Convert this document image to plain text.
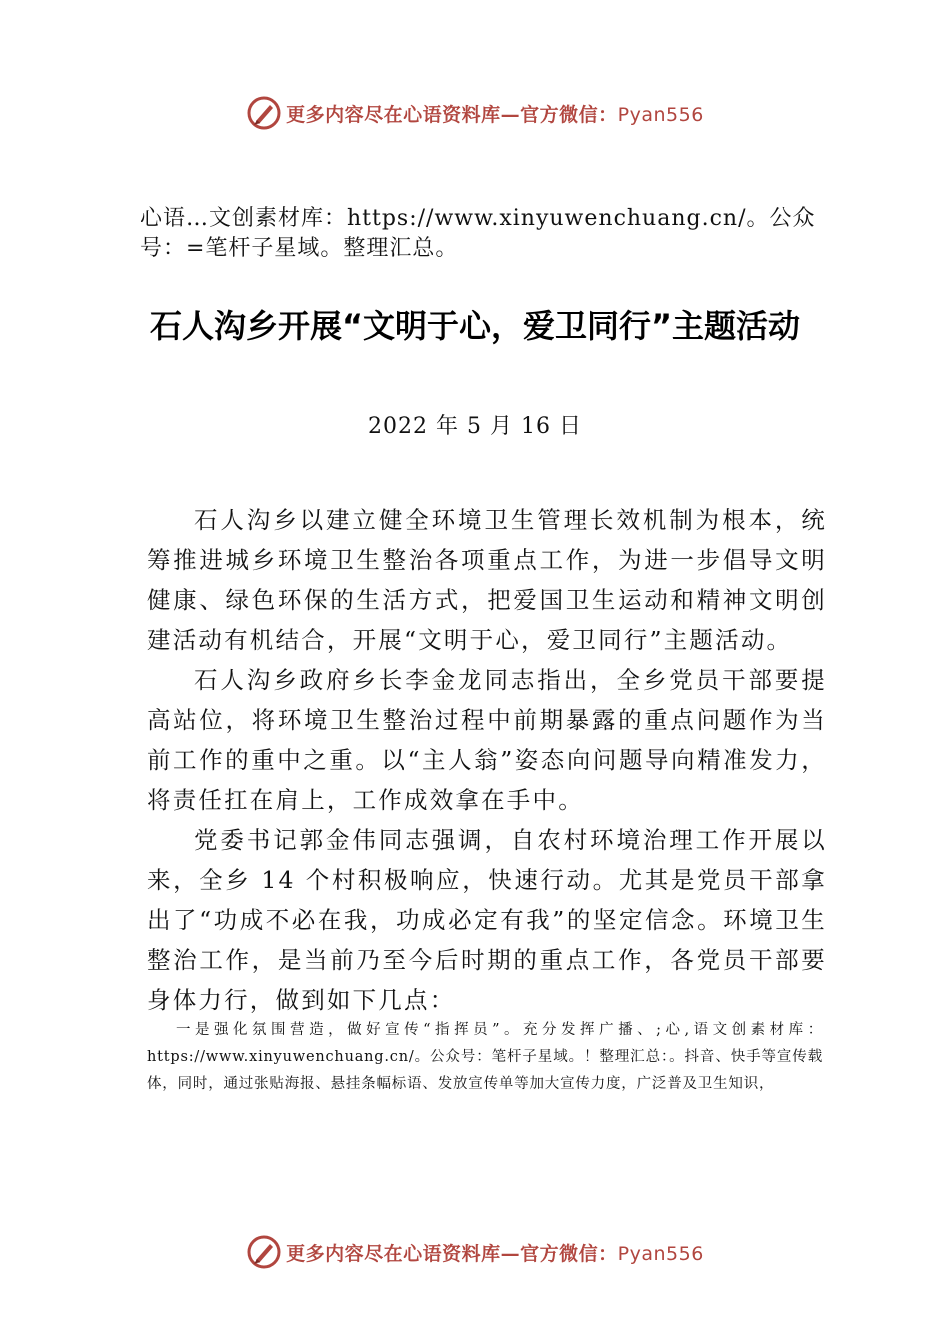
更多内容尽在心语资料库—官方微信：Pyan556
心语…文创素材库：https://www.xinyuwenchuang.cn/。公众号：=笔杆子星域。整理汇总。
石人沟乡开展“文明于心，爱卫同行”主题活动
2022 年 5 月 16 日

石人沟乡以建立健全环境卫生管理长效机制为根本，统筹推进城乡环境卫生整治各项重点工作，为进一步倡导文明健康、绿色环保的生活方式，把爱国卫生运动和精神文明创建活动有机结合，开展“文明于心，爱卫同行”主题活动。

石人沟乡政府乡长李金龙同志指出，全乡党员干部要提高站位，将环境卫生整治过程中前期暴露的重点问题作为当前工作的重中之重。以“主人翁”姿态向问题导向精准发力，将责任扛在肩上，工作成效拿在手中。

党委书记郭金伟同志强调，自农村环境治理工作开展以来，全乡 14 个村积极响应，快速行动。尤其是党员干部拿出了“功成不必在我，功成必定有我”的坚定信念。环境卫生整治工作，是当前乃至今后时期的重点工作，各党员干部要身体力行，做到如下几点：

一是强化氛围营造，做好宣传“指挥员”。充分发挥广播、;心,语文创素材库：https://www.xinyuwenchuang.cn/。公众号：笔杆子星域。！整理汇总：。抖音、快手等宣传载体，同时，通过张贴海报、悬挂条幅标语、发放宣传单等加大宣传力度，广泛普及卫生知识，
更多内容尽在心语资料库—官方微信：Pyan556
